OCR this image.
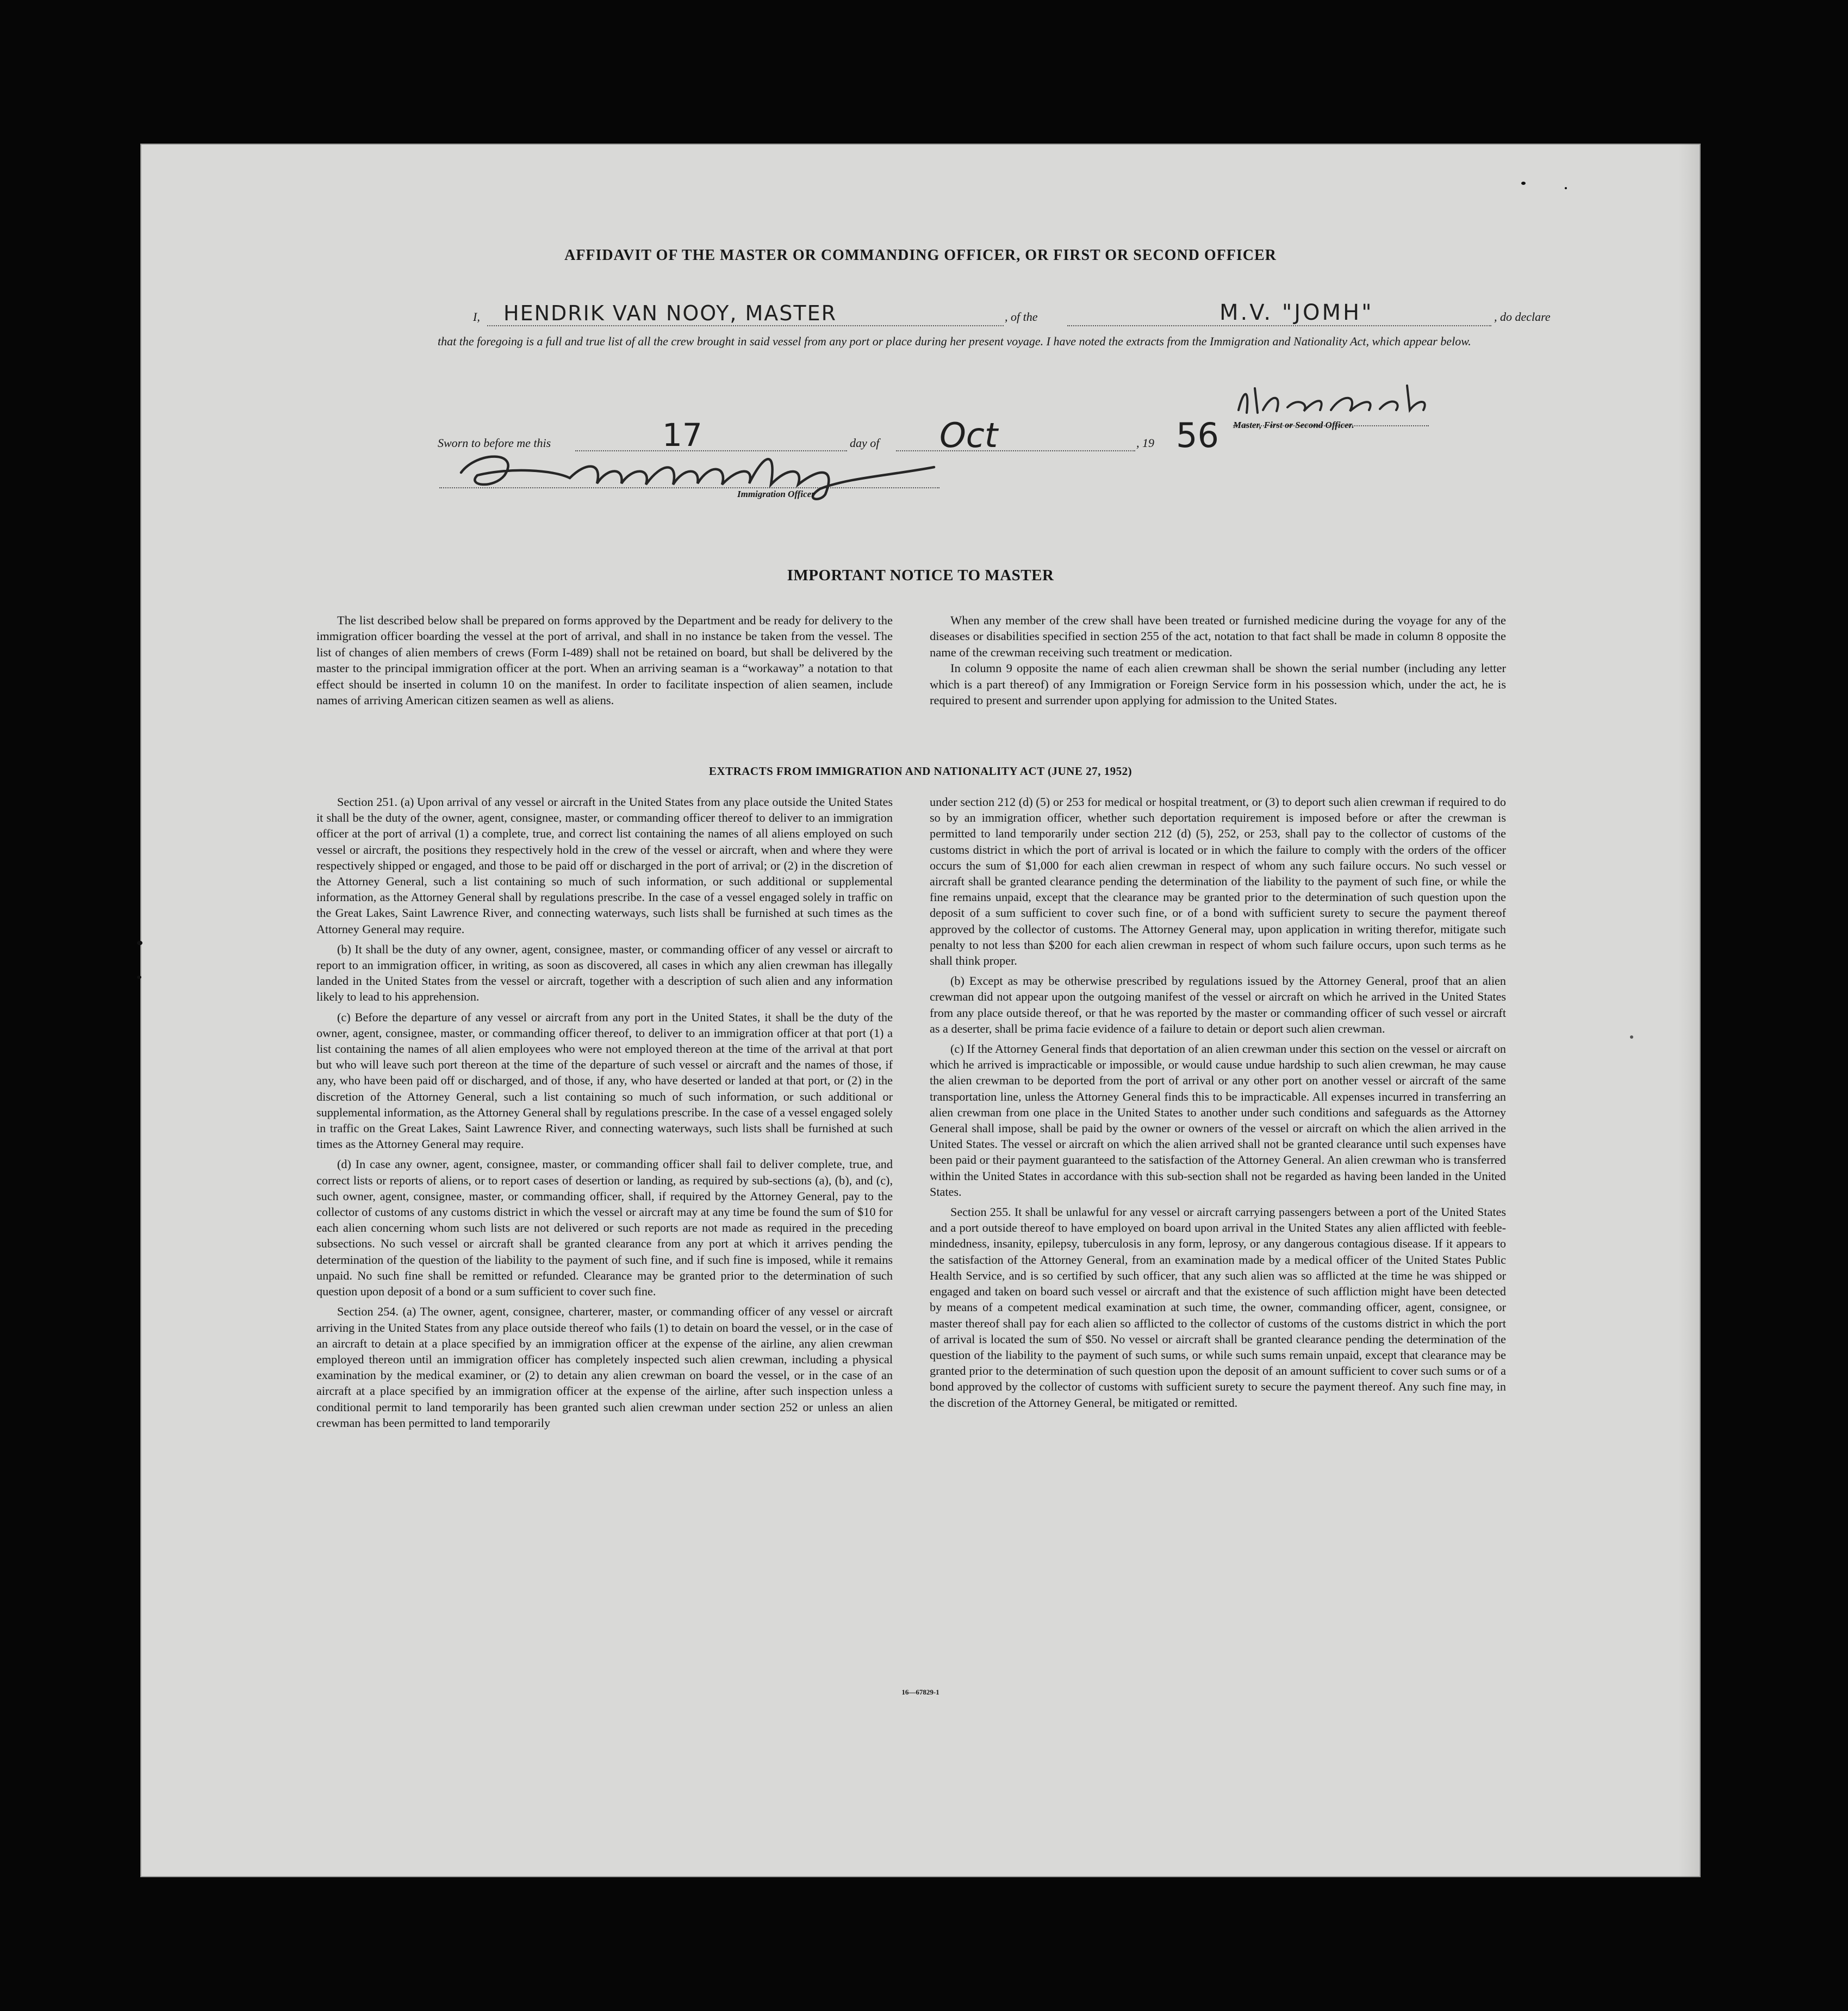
AFFIDAVIT OF THE MASTER OR COMMANDING OFFICER, OR FIRST OR SECOND OFFICER
I, HENDRIK VAN NOOY, MASTER	, of the	M.V. "JOMH"	, do declare
that the foregoing is a full and true list of all the crew brought in said vessel from any port or place during her present voyage. I have noted the extracts from the Immigration and Nationality Act, which appear below.
Sworn to before me this	17	day of Oct	, 19 56 Master, First or Second Officer.
Immigration Officer
IMPORTANT NOTICE TO MASTER

The list described below shall be prepared on forms approved by the Department and be ready for delivery to the immigration officer boarding the vessel at the port of arrival, and shall in no instance be taken from the vessel. The list of changes of alien members of crews (Form I-489) shall not be retained on board, but shall be delivered by the master to the principal immigration officer at the port. When an arriving seaman is a “workaway” a notation to that effect should be inserted in column 10 on the manifest. In order to facilitate inspection of alien seamen, include names of arriving American citizen seamen as well as aliens.

When any member of the crew shall have been treated or furnished medicine during the voyage for any of the diseases or disabilities specified in section 255 of the act, notation to that fact shall be made in column 8 opposite the name of the crewman receiving such treatment or medication.

In column 9 opposite the name of each alien crewman shall be shown the serial number (including any letter which is a part thereof) of any Immigration or Foreign Service form in his possession which, under the act, he is required to present and surrender upon applying for admission to the United States.

EXTRACTS FROM IMMIGRATION AND NATIONALITY ACT (JUNE 27, 1952)

Section 251. (a) Upon arrival of any vessel or aircraft in the United States from any place outside the United States it shall be the duty of the owner, agent, consignee, master, or commanding officer thereof to deliver to an immigration officer at the port of arrival (1) a complete, true, and correct list containing the names of all aliens employed on such vessel or aircraft, the positions they respectively hold in the crew of the vessel or aircraft, when and where they were respectively shipped or engaged, and those to be paid off or discharged in the port of arrival; or (2) in the discretion of the Attorney General, such a list containing so much of such information, or such additional or supplemental information, as the Attorney General shall by regulations prescribe. In the case of a vessel engaged solely in traffic on the Great Lakes, Saint Lawrence River, and connecting waterways, such lists shall be furnished at such times as the Attorney General may require.

(b) It shall be the duty of any owner, agent, consignee, master, or commanding officer of any vessel or aircraft to report to an immigration officer, in writing, as soon as discovered, all cases in which any alien crewman has illegally landed in the United States from the vessel or aircraft, together with a description of such alien and any information likely to lead to his apprehension.

(c) Before the departure of any vessel or aircraft from any port in the United States, it shall be the duty of the owner, agent, consignee, master, or commanding officer thereof, to deliver to an immigration officer at that port (1) a list containing the names of all alien employees who were not employed thereon at the time of the arrival at that port but who will leave such port thereon at the time of the departure of such vessel or aircraft and the names of those, if any, who have been paid off or discharged, and of those, if any, who have deserted or landed at that port, or (2) in the discretion of the Attorney General, such a list containing so much of such information, or such additional or supplemental information, as the Attorney General shall by regulations prescribe. In the case of a vessel engaged solely in traffic on the Great Lakes, Saint Lawrence River, and connecting waterways, such lists shall be furnished at such times as the Attorney General may require.

(d) In case any owner, agent, consignee, master, or commanding officer shall fail to deliver complete, true, and correct lists or reports of aliens, or to report cases of desertion or landing, as required by sub-sections (a), (b), and (c), such owner, agent, consignee, master, or commanding officer, shall, if required by the Attorney General, pay to the collector of customs of any customs district in which the vessel or aircraft may at any time be found the sum of $10 for each alien concerning whom such lists are not delivered or such reports are not made as required in the preceding subsections. No such vessel or aircraft shall be granted clearance from any port at which it arrives pending the determination of the question of the liability to the payment of such fine, and if such fine is imposed, while it remains unpaid. No such fine shall be remitted or refunded. Clearance may be granted prior to the determination of such question upon deposit of a bond or a sum sufficient to cover such fine.

Section 254. (a) The owner, agent, consignee, charterer, master, or commanding officer of any vessel or aircraft arriving in the United States from any place outside thereof who fails (1) to detain on board the vessel, or in the case of an aircraft to detain at a place specified by an immigration officer at the expense of the airline, any alien crewman employed thereon until an immigration officer has completely inspected such alien crewman, including a physical examination by the medical examiner, or (2) to detain any alien crewman on board the vessel, or in the case of an aircraft at a place specified by an immigration officer at the expense of the airline, after such inspection unless a conditional permit to land temporarily has been granted such alien crewman under section 252 or unless an alien crewman has been permitted to land temporarily

under section 212 (d) (5) or 253 for medical or hospital treatment, or (3) to deport such alien crewman if required to do so by an immigration officer, whether such deportation requirement is imposed before or after the crewman is permitted to land temporarily under section 212 (d) (5), 252, or 253, shall pay to the collector of customs of the customs district in which the port of arrival is located or in which the failure to comply with the orders of the officer occurs the sum of $1,000 for each alien crewman in respect of whom any such failure occurs. No such vessel or aircraft shall be granted clearance pending the determination of the liability to the payment of such fine, or while the fine remains unpaid, except that the clearance may be granted prior to the determination of such question upon the deposit of a sum sufficient to cover such fine, or of a bond with sufficient surety to secure the payment thereof approved by the collector of customs. The Attorney General may, upon application in writing therefor, mitigate such penalty to not less than $200 for each alien crewman in respect of whom such failure occurs, upon such terms as he shall think proper.

(b) Except as may be otherwise prescribed by regulations issued by the Attorney General, proof that an alien crewman did not appear upon the outgoing manifest of the vessel or aircraft on which he arrived in the United States from any place outside thereof, or that he was reported by the master or commanding officer of such vessel or aircraft as a deserter, shall be prima facie evidence of a failure to detain or deport such alien crewman.

(c) If the Attorney General finds that deportation of an alien crewman under this section on the vessel or aircraft on which he arrived is impracticable or impossible, or would cause undue hardship to such alien crewman, he may cause the alien crewman to be deported from the port of arrival or any other port on another vessel or aircraft of the same transportation line, unless the Attorney General finds this to be impracticable. All expenses incurred in transferring an alien crewman from one place in the United States to another under such conditions and safeguards as the Attorney General shall impose, shall be paid by the owner or owners of the vessel or aircraft on which the alien arrived in the United States. The vessel or aircraft on which the alien arrived shall not be granted clearance until such expenses have been paid or their payment guaranteed to the satisfaction of the Attorney General. An alien crewman who is transferred within the United States in accordance with this sub-section shall not be regarded as having been landed in the United States.

Section 255. It shall be unlawful for any vessel or aircraft carrying passengers between a port of the United States and a port outside thereof to have employed on board upon arrival in the United States any alien afflicted with feeble-mindedness, insanity, epilepsy, tuberculosis in any form, leprosy, or any dangerous contagious disease. If it appears to the satisfaction of the Attorney General, from an examination made by a medical officer of the United States Public Health Service, and is so certified by such officer, that any such alien was so afflicted at the time he was shipped or engaged and taken on board such vessel or aircraft and that the existence of such affliction might have been detected by means of a competent medical examination at such time, the owner, commanding officer, agent, consignee, or master thereof shall pay for each alien so afflicted to the collector of customs of the customs district in which the port of arrival is located the sum of $50. No vessel or aircraft shall be granted clearance pending the determination of the question of the liability to the payment of such sums, or while such sums remain unpaid, except that clearance may be granted prior to the determination of such question upon the deposit of an amount sufficient to cover such sums or of a bond approved by the collector of customs with sufficient surety to secure the payment thereof. Any such fine may, in the discretion of the Attorney General, be mitigated or remitted.

16—67829-1
